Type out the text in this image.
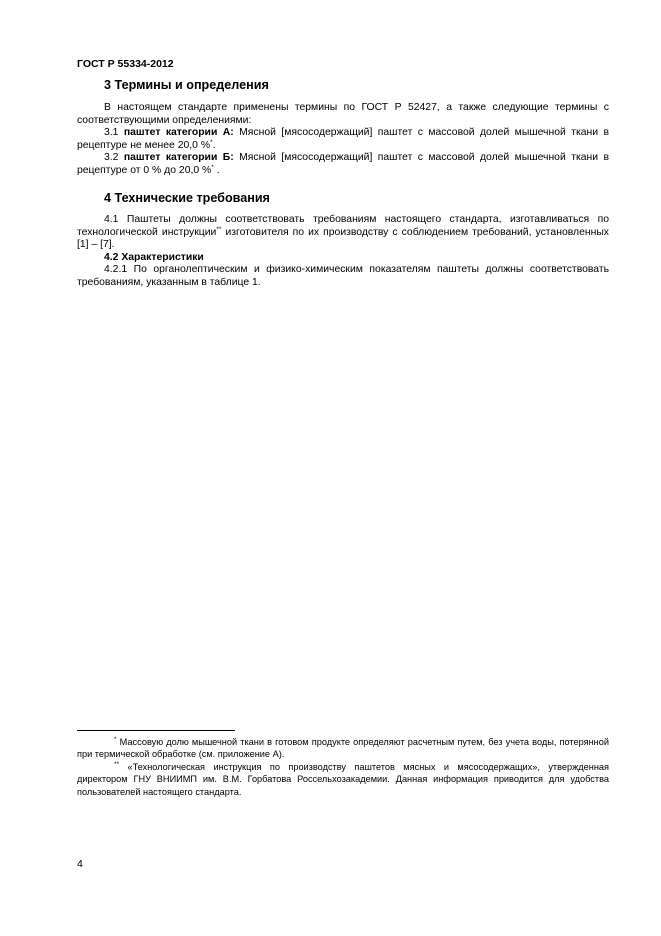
ГОСТ Р 55334-2012
3 Термины и определения

В настоящем стандарте применены термины по ГОСТ Р 52427, а также следующие термины с соответствующими определениями:

3.1 паштет категории А: Мясной [мясосодержащий] паштет с массовой долей мышечной ткани в рецептуре не менее 20,0 %*.

3.2 паштет категории Б: Мясной [мясосодержащий] паштет с массовой долей мышечной ткани в рецептуре от 0 % до 20,0 %* .

4 Технические требования

4.1 Паштеты должны соответствовать требованиям настоящего стандарта, изготавливаться по технологической инструкции** изготовителя по их производству с соблюдением требований, установленных [1] – [7].

4.2 Характеристики

4.2.1 По органолептическим и физико-химическим показателям паштеты должны соответствовать требованиям, указанным в таблице 1.

* Массовую долю мышечной ткани в готовом продукте определяют расчетным путем, без учета воды, потерянной при термической обработке (см. приложение А).

** «Технологическая инструкция по производству паштетов мясных и мясосодержащих», утвержденная директором ГНУ ВНИИМП им. В.М. Горбатова Россельхозакадемии. Данная информация приводится для удобства пользователей настоящего стандарта.

4
